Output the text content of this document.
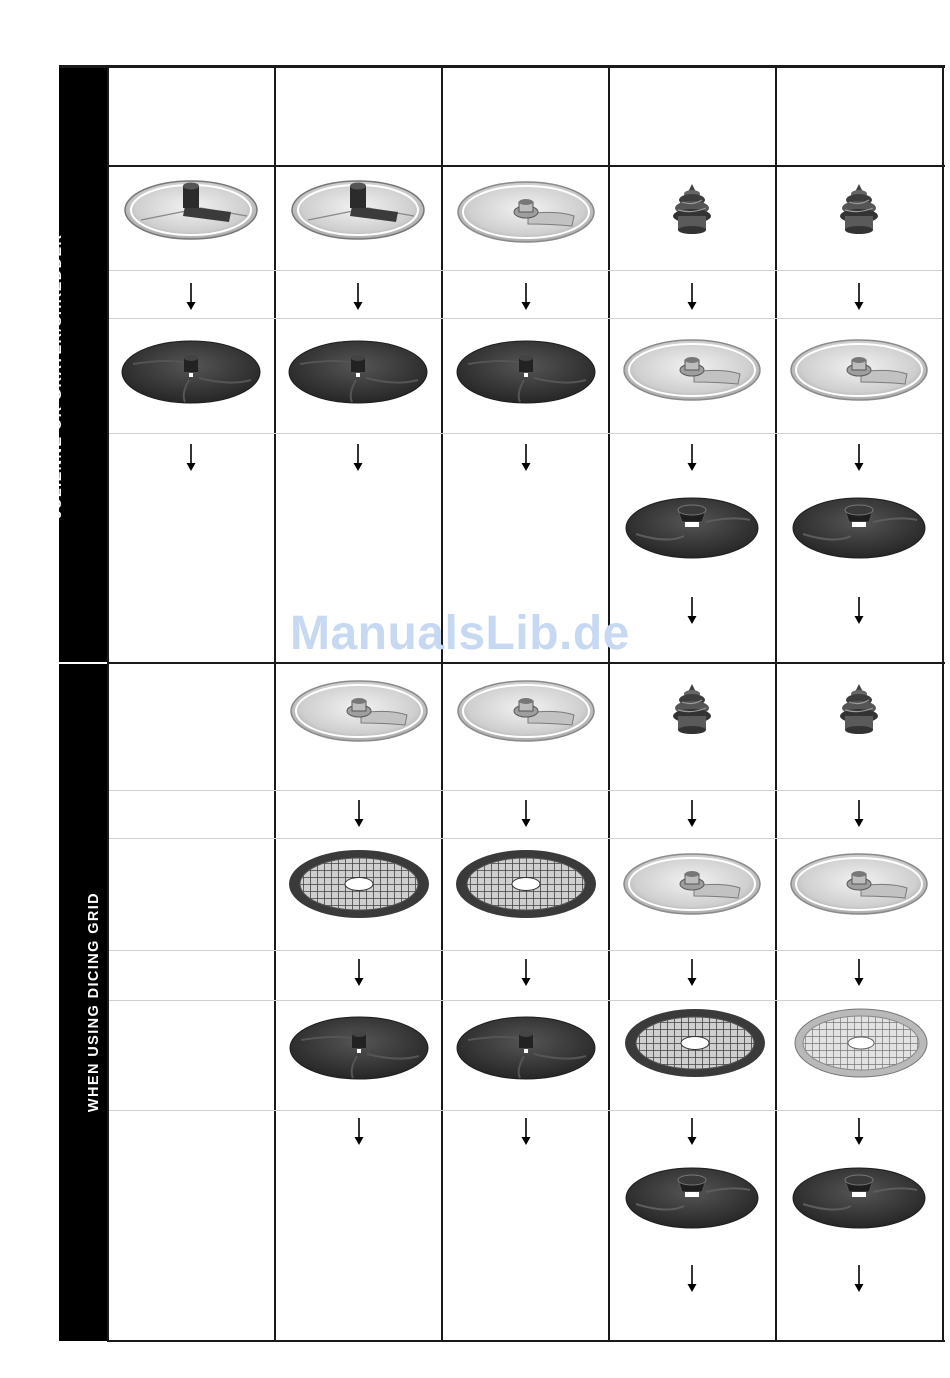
WHEN USING SLICER, CRIMPING SLICER, JULIENNE OR GRATER/SHREDDER
WHEN USING DICING GRID
ManualsLib.de
